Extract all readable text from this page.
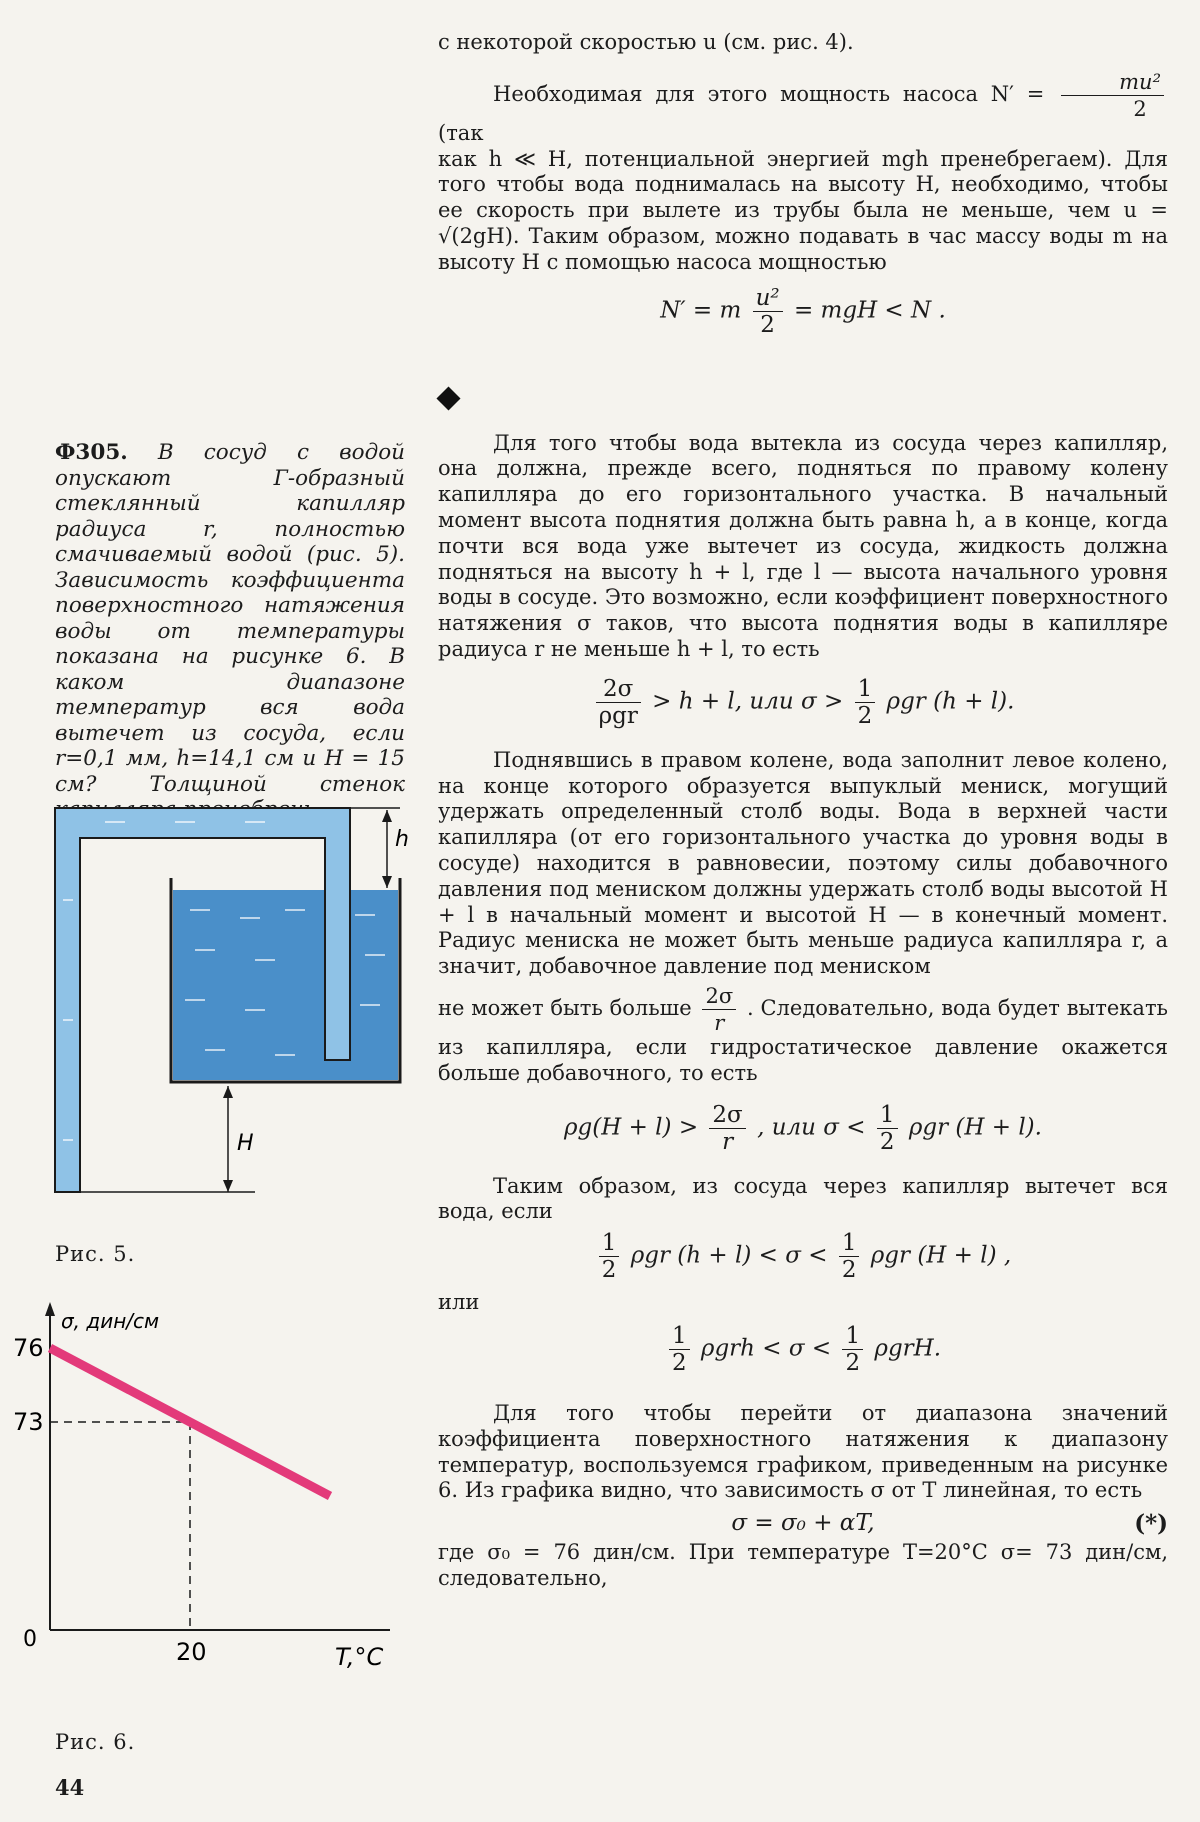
с некоторой скоростью u (см. рис. 4).

Необходимая для этого мощность насоса $N' = \frac{\text{mu²}}{2}$
(так

как h ≪ H, потенциальной энергией mgh пренебрегаем). Для того чтобы вода поднималась на высоту H, необходимо, чтобы ее скорость при вылете из трубы была не меньше, чем u = √(2gH). Таким образом, можно подавать в час массу воды m на высоту H с помощью насоса мощностью

N′ = m $\frac{\text{u²}}{2}$ = mgH < N .

Для того чтобы вода вытекла из сосуда через капилляр, она должна, прежде всего, подняться по правому колену капилляра до его горизонтального участка. В начальный момент высота поднятия должна быть равна h, а в конце, когда почти вся вода уже вытечет из сосуда, жидкость должна подняться на высоту h + l, где l — высота начального уровня воды в сосуде. Это возможно, если коэффициент поверхностного натяжения σ таков, что высота поднятия воды в капилляре радиуса r не меньше h + l, то есть

$\frac{2\sigma}{\text{ρgr}} > h + l$, или $\sigma > \frac{1}{2}$ ρgr (h + l).

Поднявшись в правом колене, вода заполнит левое колено, на конце которого образуется выпуклый мениск, могущий удержать определенный столб воды. Вода в верхней части капилляра (от его горизонтального участка до уровня воды в сосуде) находится в равновесии, поэтому силы добавочного давления под мениском должны удержать столб воды высотой H + l в начальный момент и высотой H — в конечный момент. Радиус мениска не может быть меньше радиуса капилляра r, а значит, добавочное давление под мениском

не может быть больше $\frac{2\sigma}{r}$ . Следовательно, вода будет вытекать из капилляра, если гидростатическое давление окажется больше добавочного, то есть

$\rho g(H + l) > \frac{2\sigma}{r}$ , или $\sigma < \frac{1}{2}$ ρgr (H + l).

Таким образом, из сосуда через капилляр вытечет вся вода, если

$\frac{1}{2}$ ρgr $(h + l) < \sigma < \frac{1}{2}$ ρgr (H + l) ,

или

$\frac{1}{2}$ $\rho grh < \sigma < \frac{1}{2} \rho grH$.

Для того чтобы перейти от диапазона значений коэффициента поверхностного натяжения к диапазону температур, воспользуемся графиком, приведенным на рисунке 6. Из графика видно, что зависимость σ от T линейная, то есть

σ = σ₀ + αT,	(*)

где σ₀ = 76 дин/см. При температуре T=20°C σ= 73 дин/см, следовательно,

Ф305. В сосуд с водой опускают Г-образный стеклянный капилляр радиуса r, полностью смачиваемый водой (рис. 5). Зависимость коэффициента поверхностного натяжения воды от температуры показана на рисунке 6. В каком диапазоне температур вся вода вытечет из сосуда, если r=0,1 мм, h=14,1 см и H = 15 см? Толщиной стенок

h
H
Рис. 5.
σ, дин/см
T,°C
0
76
73
20
Рис. 6.
44
